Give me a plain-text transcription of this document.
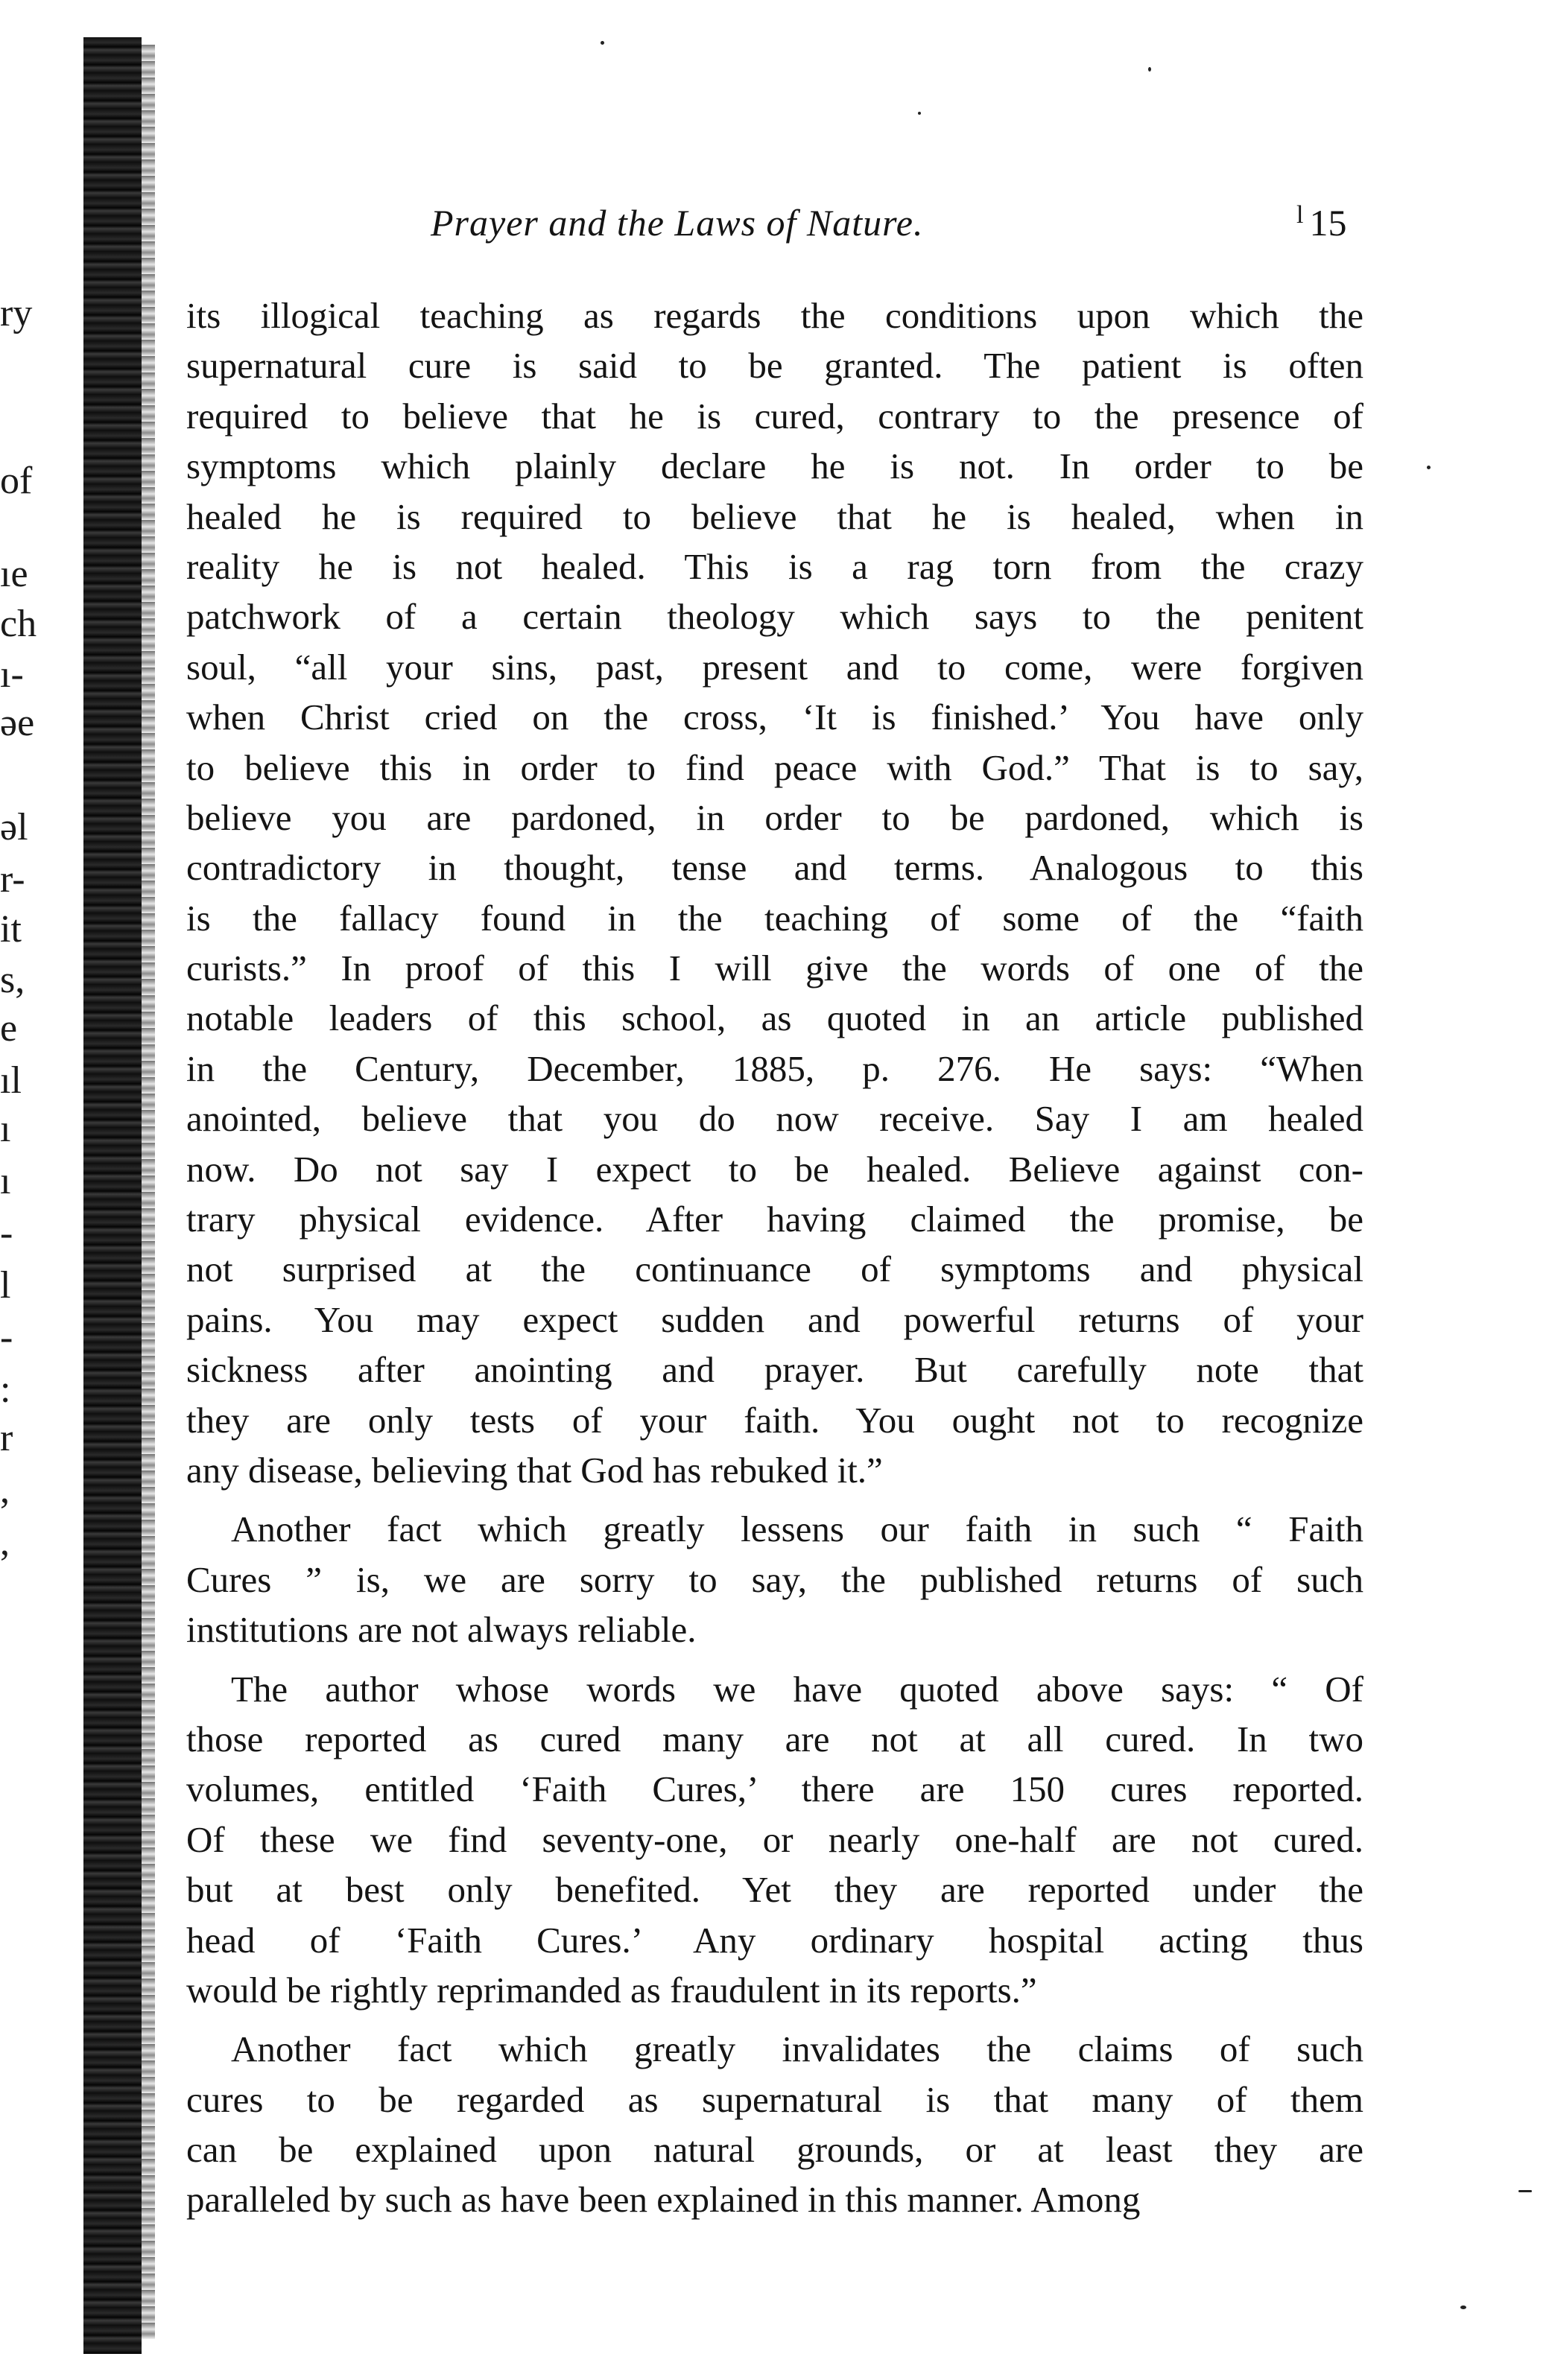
ry
of
ıe
ch
ı-
əe
əl
r-
it
s,
e
ıl
ı
ı
-
l
-
:
r
,
,
Prayer and the Laws of Nature.	$^l$ 15
its illogical teaching as regards the conditions upon which the
supernatural cure is said to be granted. The patient is often
required to believe that he is cured, contrary to the presence of
symptoms which plainly declare he is not. In order to be
healed he is required to believe that he is healed, when in
reality he is not healed. This is a rag torn from the crazy
patchwork of a certain theology which says to the penitent
soul, “all your sins, past, present and to come, were forgiven
when Christ cried on the cross, ‘It is finished.’ You have only
to believe this in order to find peace with God.” That is to say,
believe you are pardoned, in order to be pardoned, which is
contradictory in thought, tense and terms. Analogous to this
is the fallacy found in the teaching of some of the “faith
curists.” In proof of this I will give the words of one of the
notable leaders of this school, as quoted in an article published
in the Century, December, 1885, p. 276. He says: “When
anointed, believe that you do now receive. Say I am healed
now. Do not say I expect to be healed. Believe against con-
trary physical evidence. After having claimed the promise, be
not surprised at the continuance of symptoms and physical
pains. You may expect sudden and powerful returns of your
sickness after anointing and prayer. But carefully note that
they are only tests of your faith. You ought not to recognize
any disease, believing that God has rebuked it.”
Another fact which greatly lessens our faith in such “ Faith
Cures ” is, we are sorry to say, the published returns of such
institutions are not always reliable.
The author whose words we have quoted above says: “ Of
those reported as cured many are not at all cured. In two
volumes, entitled ‘Faith Cures,’ there are 150 cures reported.
Of these we find seventy-one, or nearly one-half are not cured.
but at best only benefited. Yet they are reported under the
head of ‘Faith Cures.’ Any ordinary hospital acting thus
would be rightly reprimanded as fraudulent in its reports.”
Another fact which greatly invalidates the claims of such
cures to be regarded as supernatural is that many of them
can be explained upon natural grounds, or at least they are
paralleled by such as have been explained in this manner. Among
